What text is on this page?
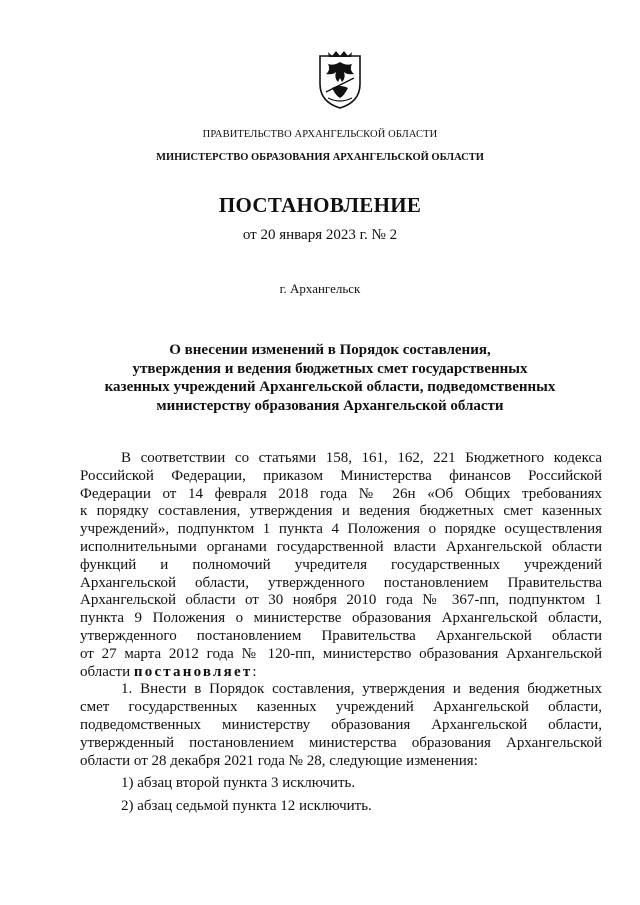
ПРАВИТЕЛЬСТВО АРХАНГЕЛЬСКОЙ ОБЛАСТИ
МИНИСТЕРСТВО ОБРАЗОВАНИЯ АРХАНГЕЛЬСКОЙ ОБЛАСТИ
ПОСТАНОВЛЕНИЕ
от 20 января 2023 г. № 2
г. Архангельск
О внесении изменений в Порядок составления,
утверждения и ведения бюджетных смет государственных
казенных учреждений Архангельской области, подведомственных
министерству образования Архангельской области
В соответствии со статьями 158, 161, 162, 221 Бюджетного кодекса
Российской Федерации, приказом Министерства финансов Российской
Федерации от 14 февраля 2018 года № 26н «Об Общих требованиях
к порядку составления, утверждения и ведения бюджетных смет казенных
учреждений», подпунктом 1 пункта 4 Положения о порядке осуществления
исполнительными органами государственной власти Архангельской области
функций и полномочий учредителя государственных учреждений
Архангельской области, утвержденного постановлением Правительства
Архангельской области от 30 ноября 2010 года № 367-пп, подпунктом 1
пункта 9 Положения о министерстве образования Архангельской области,
утвержденного постановлением Правительства Архангельской области
от 27 марта 2012 года № 120-пп, министерство образования Архангельской
области постановляет:
1. Внести в Порядок составления, утверждения и ведения бюджетных
смет государственных казенных учреждений Архангельской области,
подведомственных министерству образования Архангельской области,
утвержденный постановлением министерства образования Архангельской
области от 28 декабря 2021 года № 28, следующие изменения:
1) абзац второй пункта 3 исключить.
2) абзац седьмой пункта 12 исключить.
